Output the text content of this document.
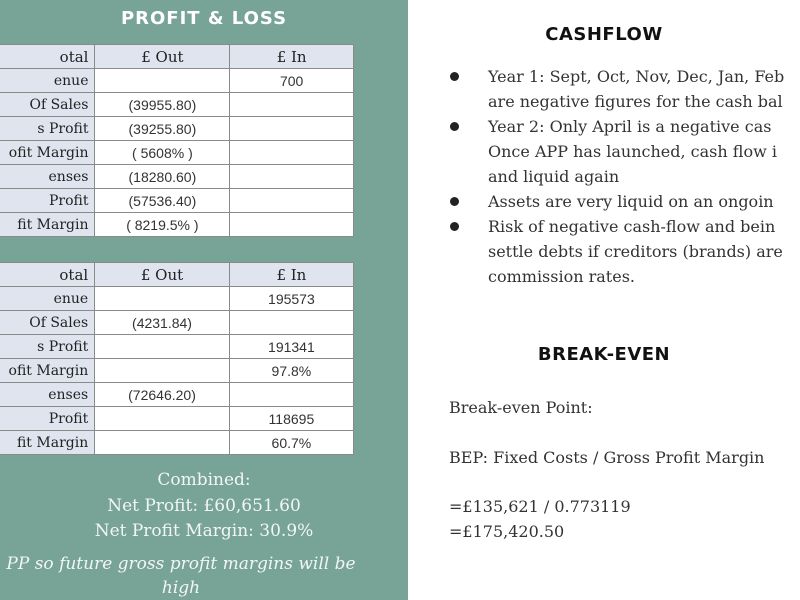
PROFIT & LOSS
otal	£ Out	£ In
enue		700
Of Sales	(39955.80)	
s Profit	(39255.80)	
ofit Margin	( 5608% )	
enses	(18280.60)	
Profit	(57536.40)	
fit Margin	( 8219.5% )	
otal	£ Out	£ In
enue		195573
Of Sales	(4231.84)	
s Profit		191341
ofit Margin		97.8%
enses	(72646.20)	
Profit		118695
fit Margin		60.7%
Combined:
Net Profit: £60,651.60
Net Profit Margin: 30.9%
PP so future gross profit margins will be
high
CASHFLOW
Year 1: Sept, Oct, Nov, Dec, Jan, Feb
are negative figures for the cash bal
Year 2: Only April is a negative cas
Once APP has launched, cash flow i
and liquid again
Assets are very liquid on an ongoin
Risk of negative cash-flow and bein
settle debts if creditors (brands) are
commission rates.
BREAK-EVEN
Break-even Point:
BEP: Fixed Costs / Gross Profit Margin
=£135,621 / 0.773119
=£175,420.50
